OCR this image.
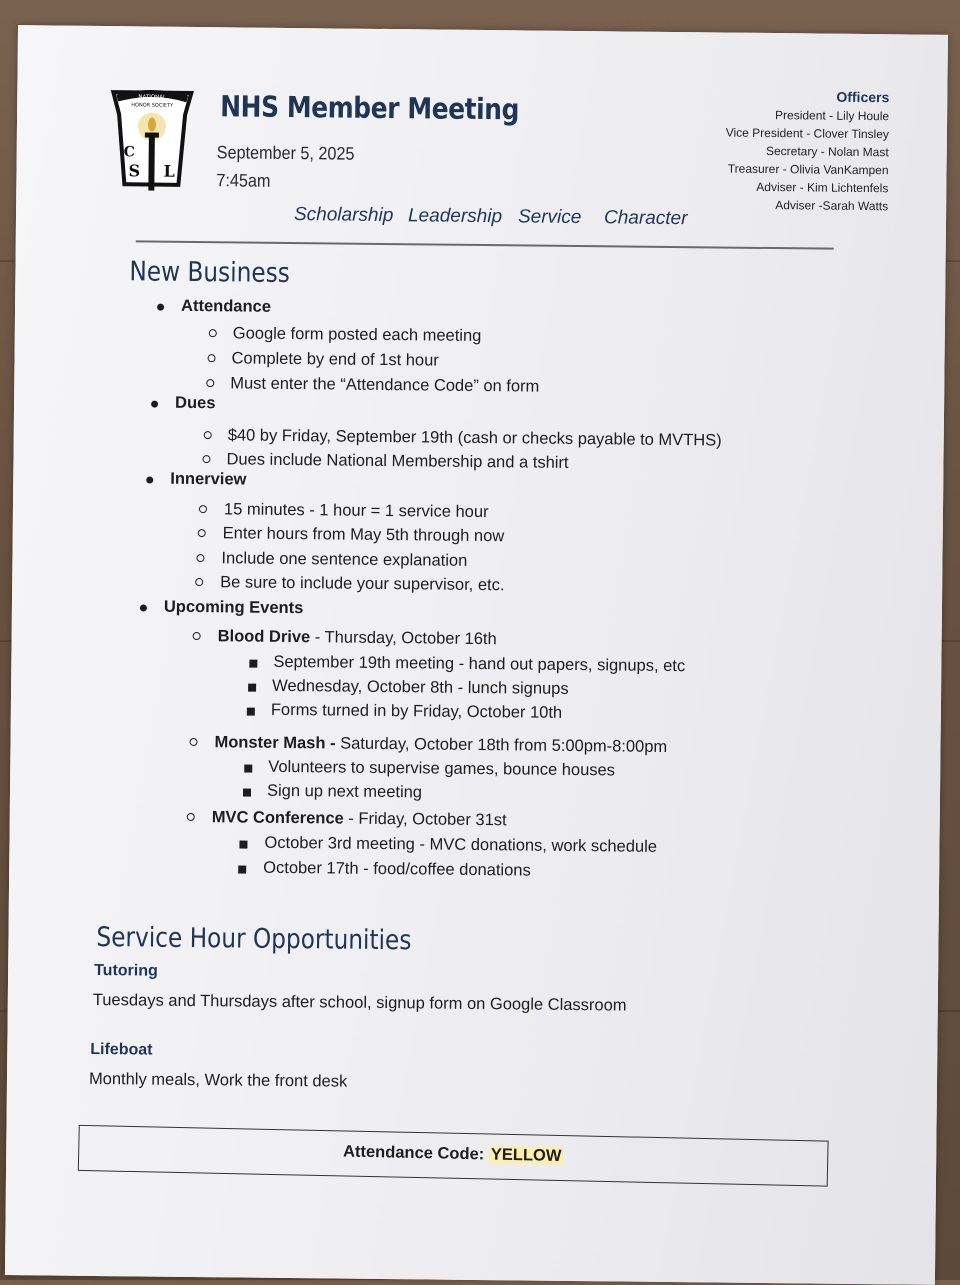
NATIONAL
HONOR SOCIETY
S L
C
NHS Member Meeting
September 5, 2025
7:45am
Scholarship Leadership Service Character
Officers
President - Lily Houle
Vice President - Clover Tinsley
Secretary - Nolan Mast
Treasurer - Olivia VanKampen
Adviser - Kim Lichtenfels
Adviser -Sarah Watts
New Business
Attendance
Google form posted each meeting
Complete by end of 1st hour
Must enter the “Attendance Code” on form
Dues
$40 by Friday, September 19th (cash or checks payable to MVTHS)
Dues include National Membership and a tshirt
Innerview
15 minutes - 1 hour = 1 service hour
Enter hours from May 5th through now
Include one sentence explanation
Be sure to include your supervisor, etc.
Upcoming Events
Blood Drive - Thursday, October 16th
September 19th meeting - hand out papers, signups, etc
Wednesday, October 8th - lunch signups
Forms turned in by Friday, October 10th
Monster Mash - Saturday, October 18th from 5:00pm-8:00pm
Volunteers to supervise games, bounce houses
Sign up next meeting
MVC Conference - Friday, October 31st
October 3rd meeting - MVC donations, work schedule
October 17th - food/coffee donations
Service Hour Opportunities
Tutoring
Tuesdays and Thursdays after school, signup form on Google Classroom
Lifeboat
Monthly meals, Work the front desk
Attendance Code: YELLOW
